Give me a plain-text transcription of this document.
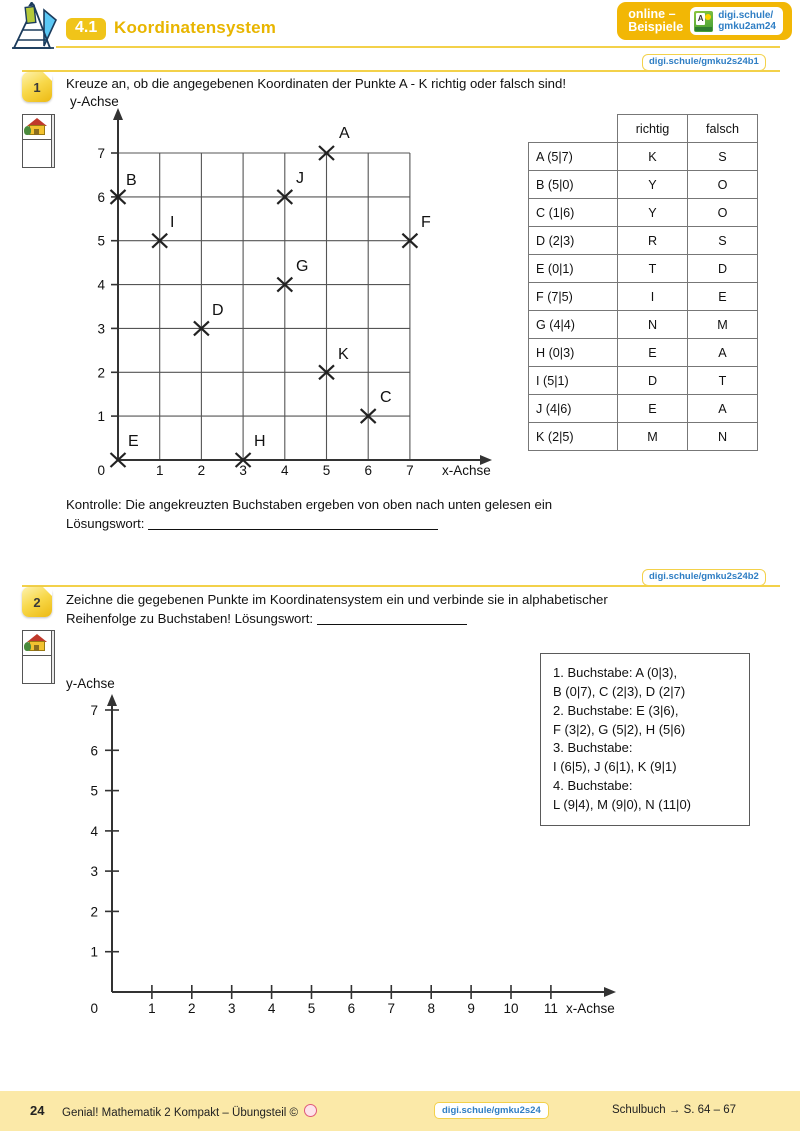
4.1 Koordinatensystem
online –
Beispiele
A digi.schule/
gmku2am24
digi.schule/gmku2s24b1
1	Kreuze an, ob die angegebenen Koordinaten der Punkte A - K richtig oder falsch sind!
y-Achse
x-Achse
7
6
5
4
3
2
1
0	1	2	3	4	5	6	7
A
B
C
D
E
F
G
H
I
J
K
	richtig	falsch
A (5|7)	K	S
B (5|0)	Y	O
C (1|6)	Y	O
D (2|3)	R	S
E (0|1)	T	D
F (7|5)	I	E
G (4|4)	N	M
H (0|3)	E	A
I (5|1)	D	T
J (4|6)	E	A
K (2|5)	M	N
Kontrolle: Die angekreuzten Buchstaben ergeben von oben nach unten gelesen ein
Lösungswort:
digi.schule/gmku2s24b2
2	Zeichne die gegebenen Punkte im Koordinatensystem ein und verbinde sie in alphabetischer
Reihenfolge zu Buchstaben! Lösungswort:
1. Buchstabe: A (0|3),
B (0|7), C (2|3), D (2|7)
2. Buchstabe: E (3|6),
F (3|2), G (5|2), H (5|6)
3. Buchstabe:
I (6|5), J (6|1), K (9|1)
4. Buchstabe:
L (9|4), M (9|0), N (11|0)
y-Achse
x-Achse
7
6
5
4
3
2
1
0	1 2 3 4 5 6 7 8 9 10 11
24 Genial! Mathematik 2 Kompakt – Übungsteil ©	digi.schule/gmku2s24	Schulbuch → S. 64 – 67
